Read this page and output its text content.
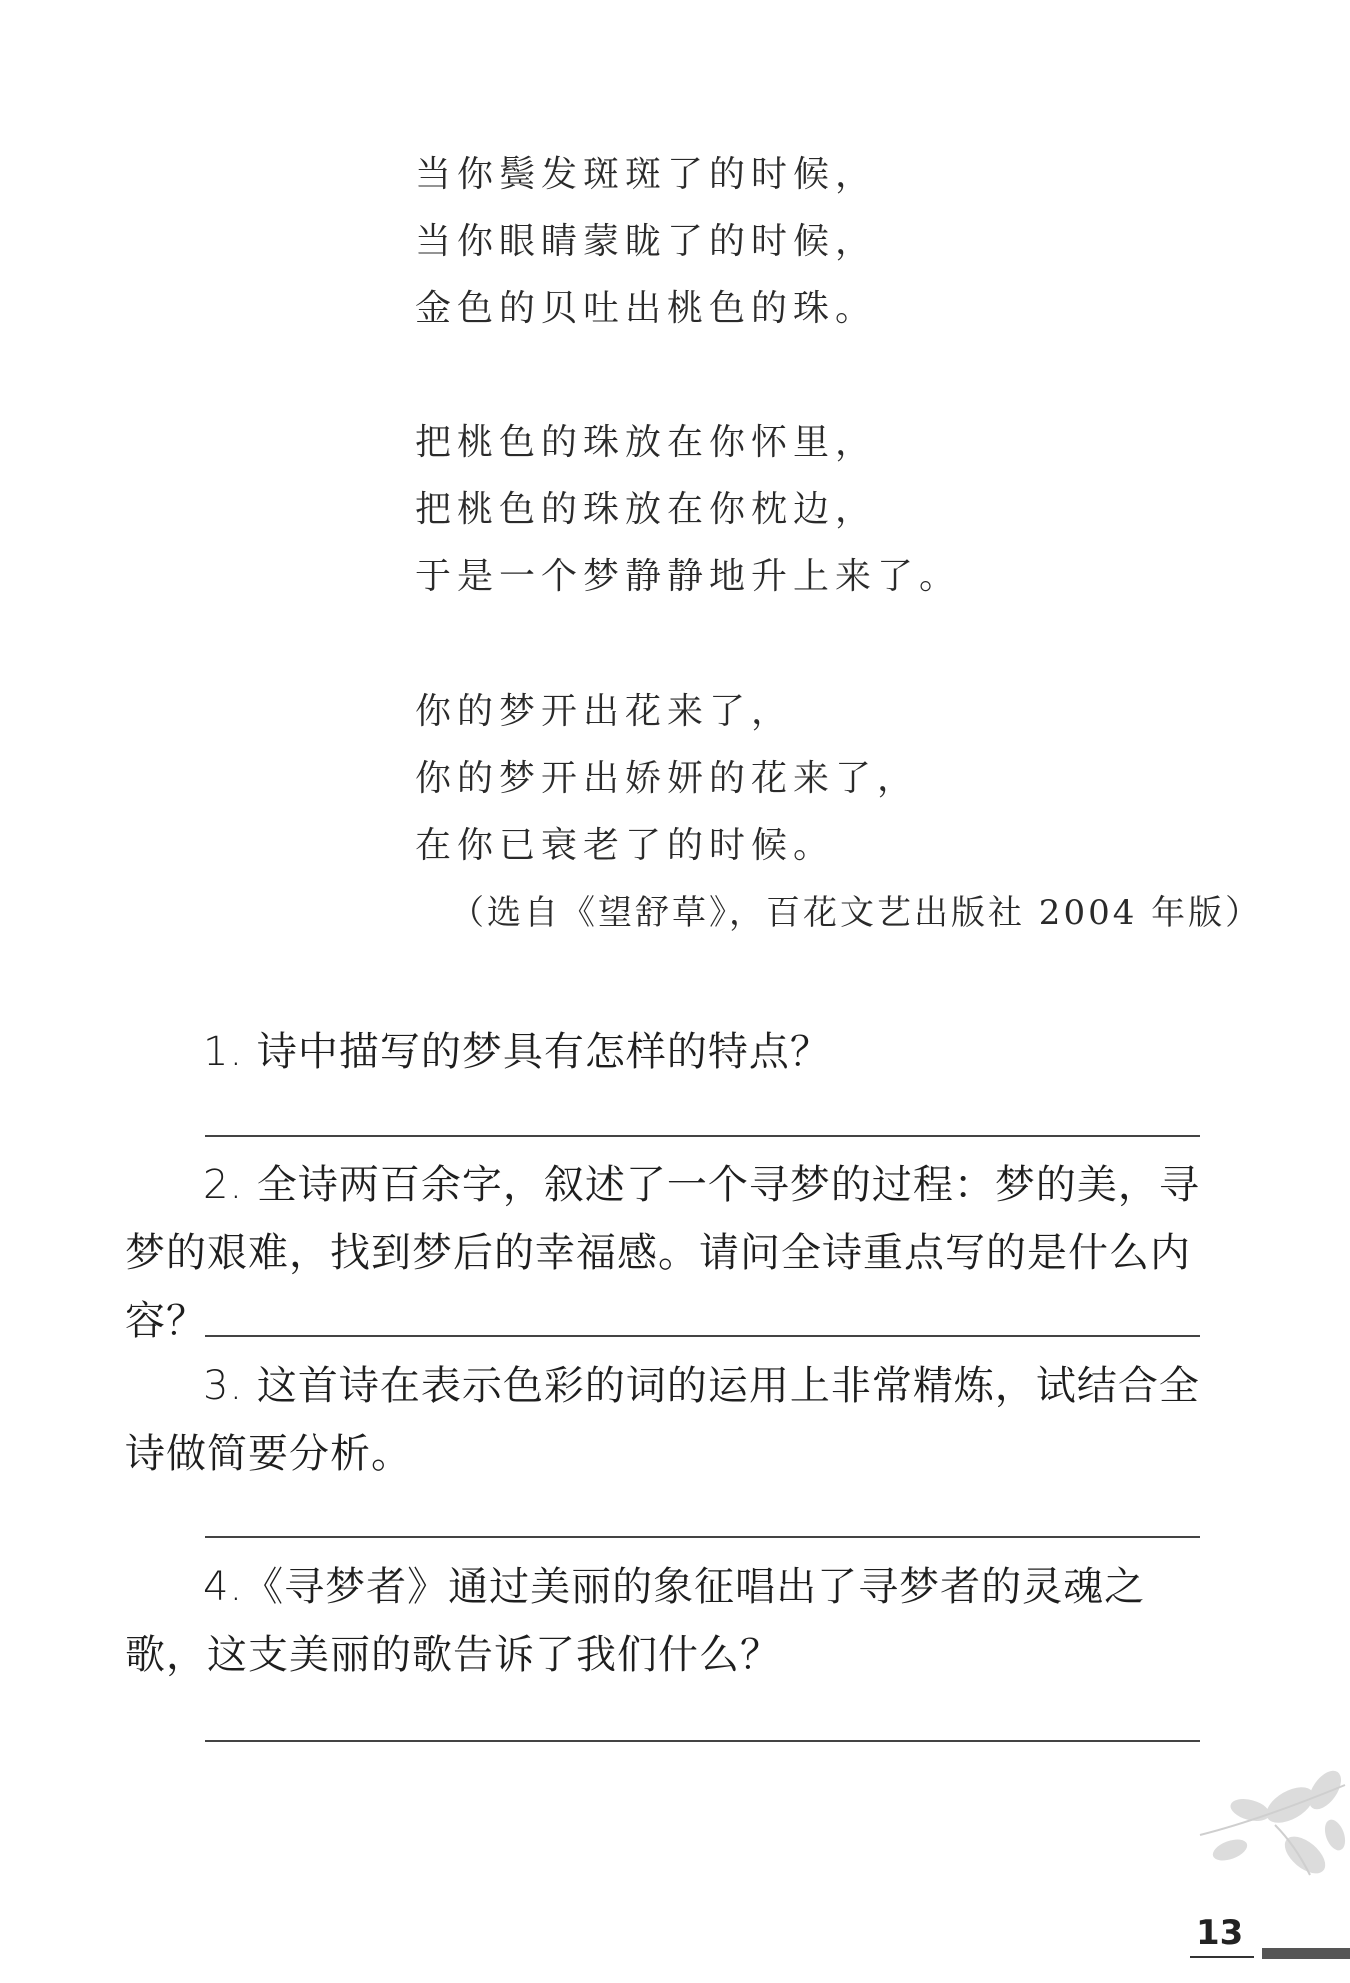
当你鬓发斑斑了的时候，
当你眼睛蒙眬了的时候，
金色的贝吐出桃色的珠。
把桃色的珠放在你怀里，
把桃色的珠放在你枕边，
于是一个梦静静地升上来了。
你的梦开出花来了，
你的梦开出娇妍的花来了，
在你已衰老了的时候。
（选自《望舒草》，百花文艺出版社 2004 年版）
1. 诗中描写的梦具有怎样的特点？
2. 全诗两百余字，叙述了一个寻梦的过程：梦的美，寻梦的艰难，找到梦后的幸福感。请问全诗重点写的是什么内容？
3. 这首诗在表示色彩的词的运用上非常精炼，试结合全诗做简要分析。
4.《寻梦者》通过美丽的象征唱出了寻梦者的灵魂之歌，这支美丽的歌告诉了我们什么？
13
